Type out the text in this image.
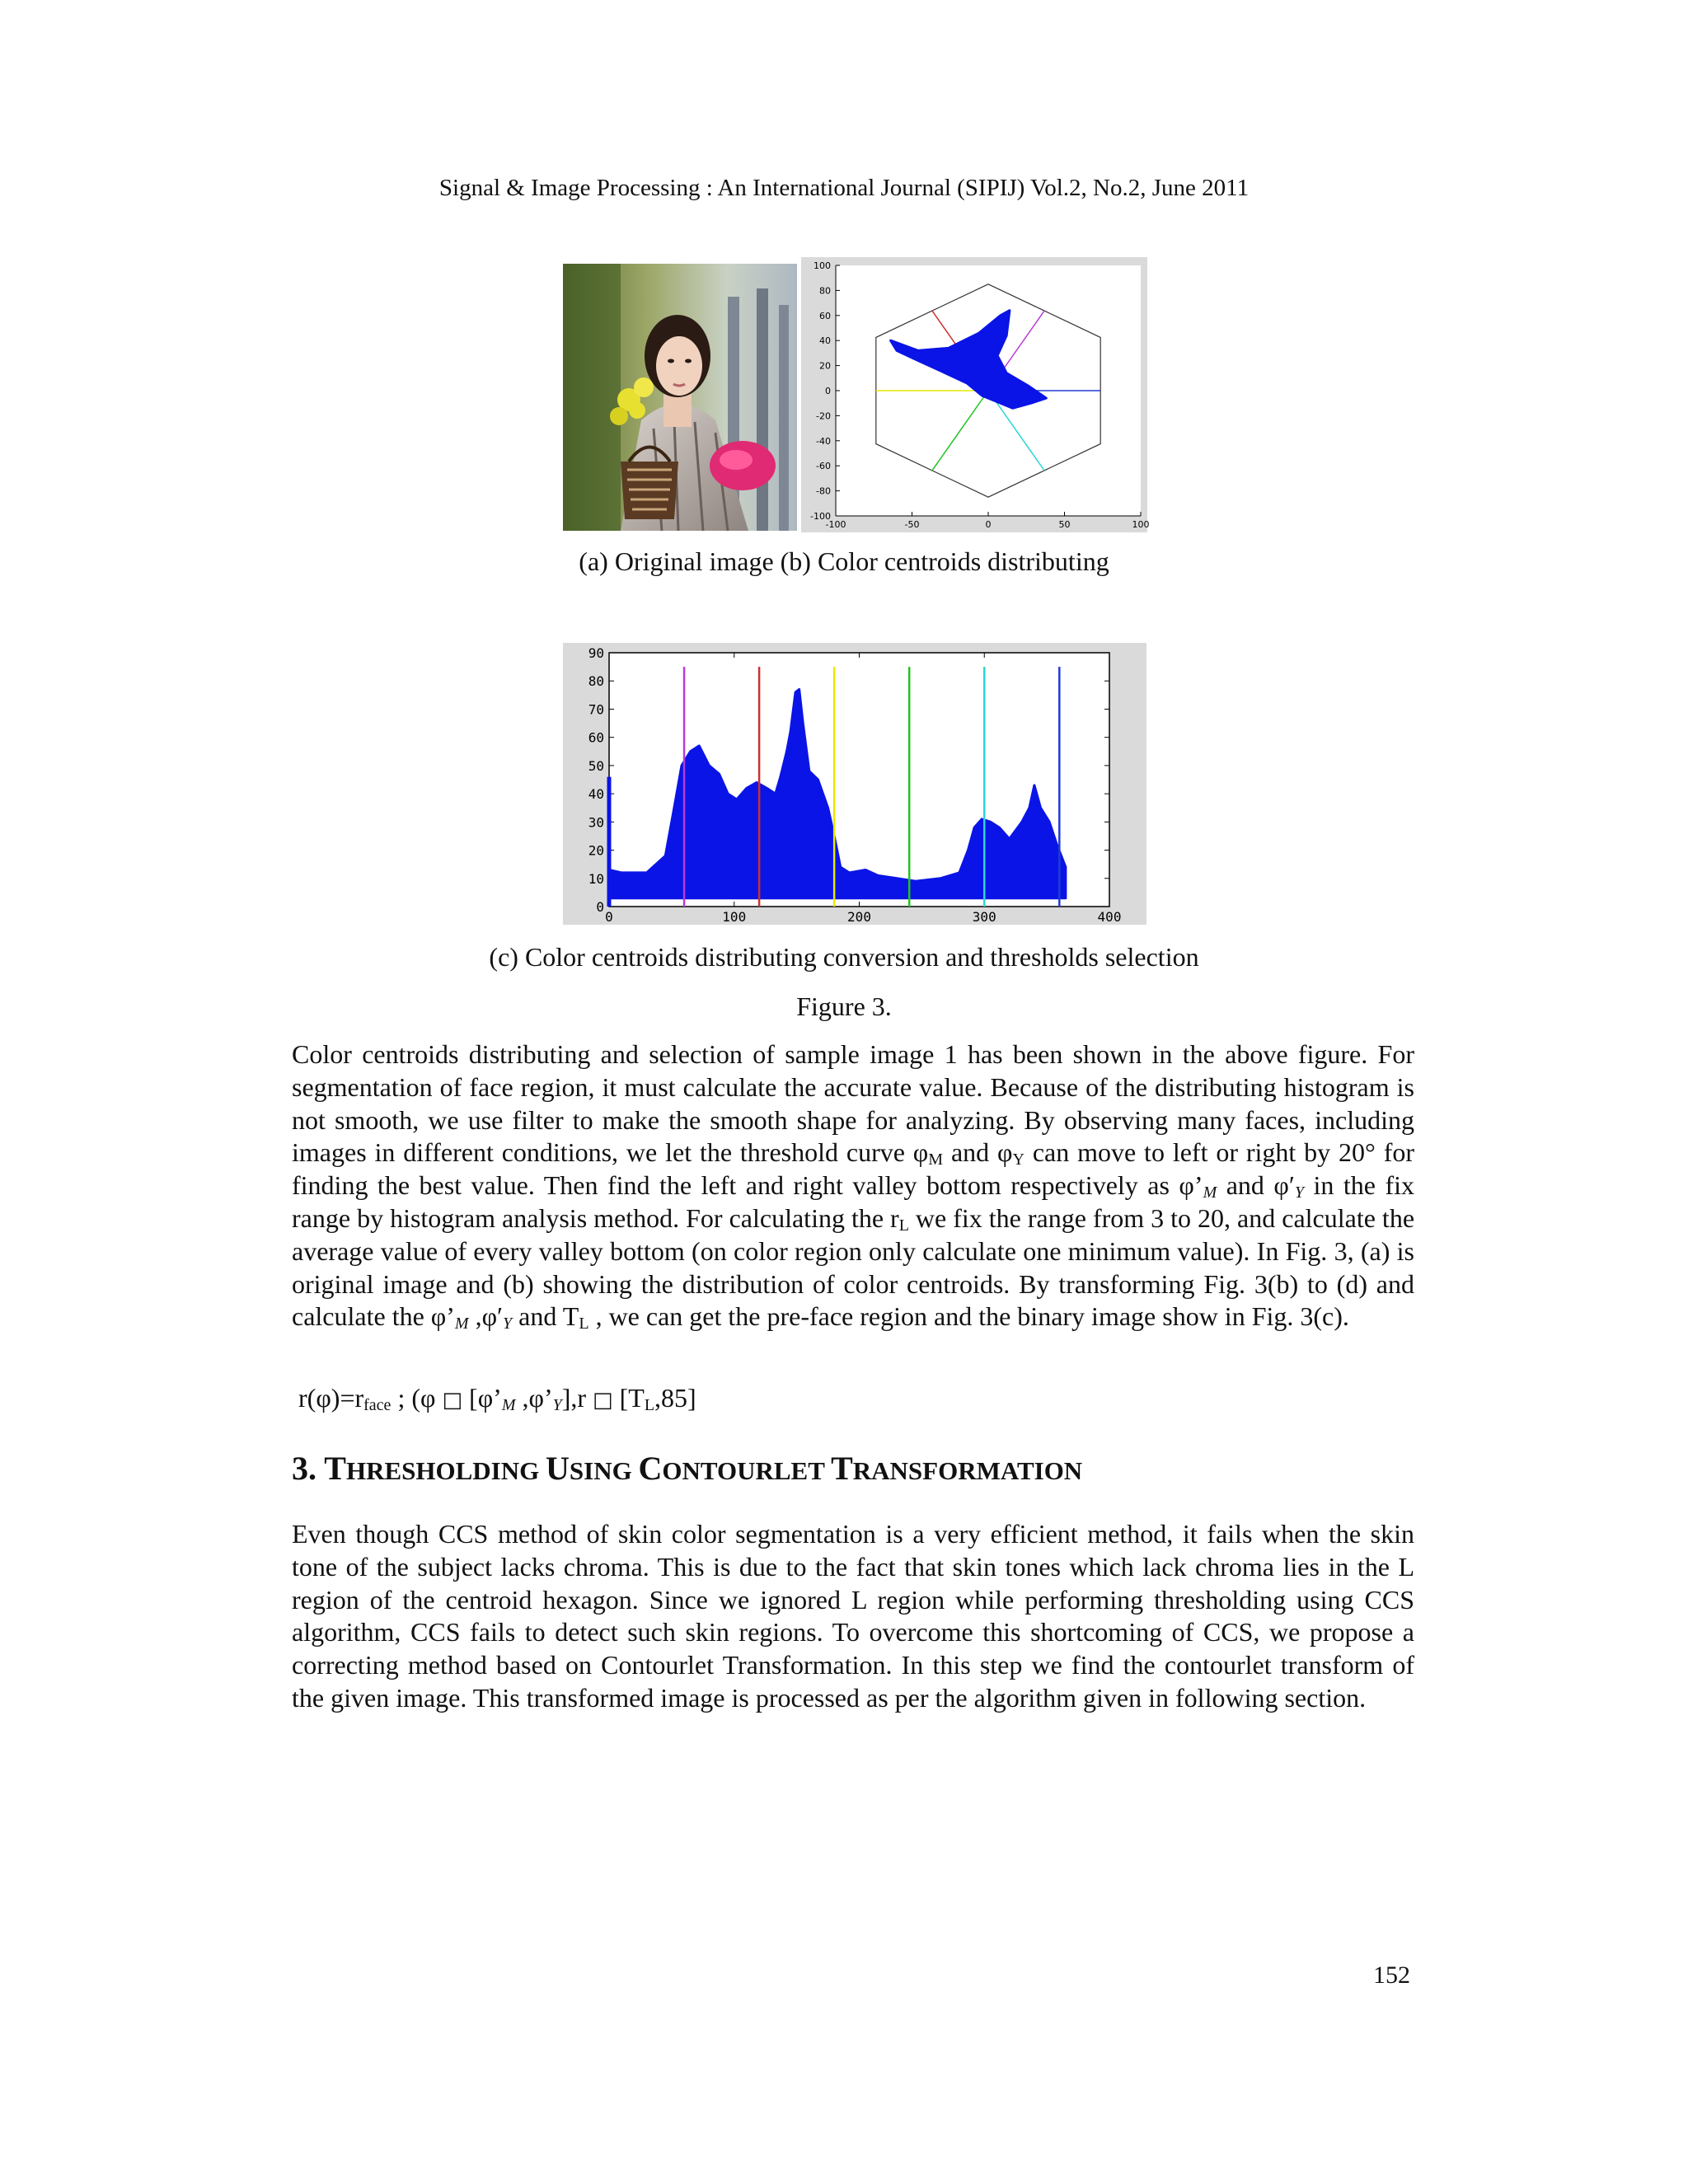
Signal & Image Processing : An International Journal (SIPIJ) Vol.2, No.2, June 2011
100
80
60
40
20
0
-20
-40
-60
-80
-100
-100	-50	0	50	100
(a) Original image (b) Color centroids distributing
0
10
20
30
40
50
60
70
80
90
0	100	200	300	400
(c) Color centroids distributing conversion and thresholds selection
Figure 3.

Color centroids distributing and selection of sample image 1 has been shown in the above figure. For segmentation of face region, it must calculate the accurate value. Because of the distributing histogram is not smooth, we use filter to make the smooth shape for analyzing. By observing many faces, including images in different conditions, we let the threshold curve $\varphi_M$ and $\varphi_Y$ can move to left or right by 20° for finding the best value. Then find the left and right valley bottom respectively as $\varphi’_M$ and $\varphi'_Y$ in the fix range by histogram analysis method. For calculating the $r_L$ we fix the range from 3 to 20, and calculate the average value of every valley bottom (on color region only calculate one minimum value). In Fig. 3, (a) is original image and (b) showing the distribution of color centroids. By transforming Fig. 3(b) to (d) and calculate the $\varphi’_M$ $,\varphi'_Y$ and $T_L$ , we can get the pre-face region and the binary image show in Fig. 3(c).

$r(\varphi)=r_{face}$ ; (φ □ [$\varphi’_M$ $,\varphi’_Y],r$ □ $[T_L,85]$
3. THRESHOLDING USING CONTOURLET TRANSFORMATION

Even though CCS method of skin color segmentation is a very efficient method, it fails when the skin tone of the subject lacks chroma. This is due to the fact that skin tones which lack chroma lies in the L region of the centroid hexagon. Since we ignored L region while performing thresholding using CCS algorithm, CCS fails to detect such skin regions. To overcome this shortcoming of CCS, we propose a correcting method based on Contourlet Transformation. In this step we find the contourlet transform of the given image. This transformed image is processed as per the algorithm given in following section.

152
